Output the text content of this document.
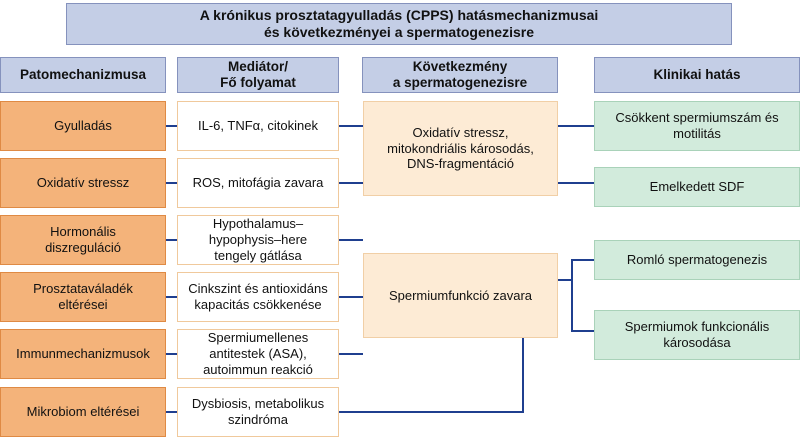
A krónikus prosztatagyulladás (CPPS) hatásmechanizmusai
és következményei a spermatogenezisre
Patomechanizmusa
Mediátor/
Fő folyamat
Következmény
a spermatogenezisre
Klinikai hatás
Gyulladás
Oxidatív stressz
Hormonális
diszreguláció
Prosztataváladék
eltérései
Immunmechanizmusok
Mikrobiom eltérései
IL-6, TNFα, citokinek
ROS, mitofágia zavara
Hypothalamus–
hypophysis–here
tengely gátlása
Cinkszint és antioxidáns
kapacitás csökkenése
Spermiumellenes
antitestek (ASA),
autoimmun reakció
Dysbiosis, metabolikus
szindróma
Oxidatív stressz,
mitokondriális károsodás,
DNS-fragmentáció
Spermiumfunkció zavara
Csökkent spermiumszám és
motilitás
Emelkedett SDF
Romló spermatogenezis
Spermiumok funkcionális
károsodása
